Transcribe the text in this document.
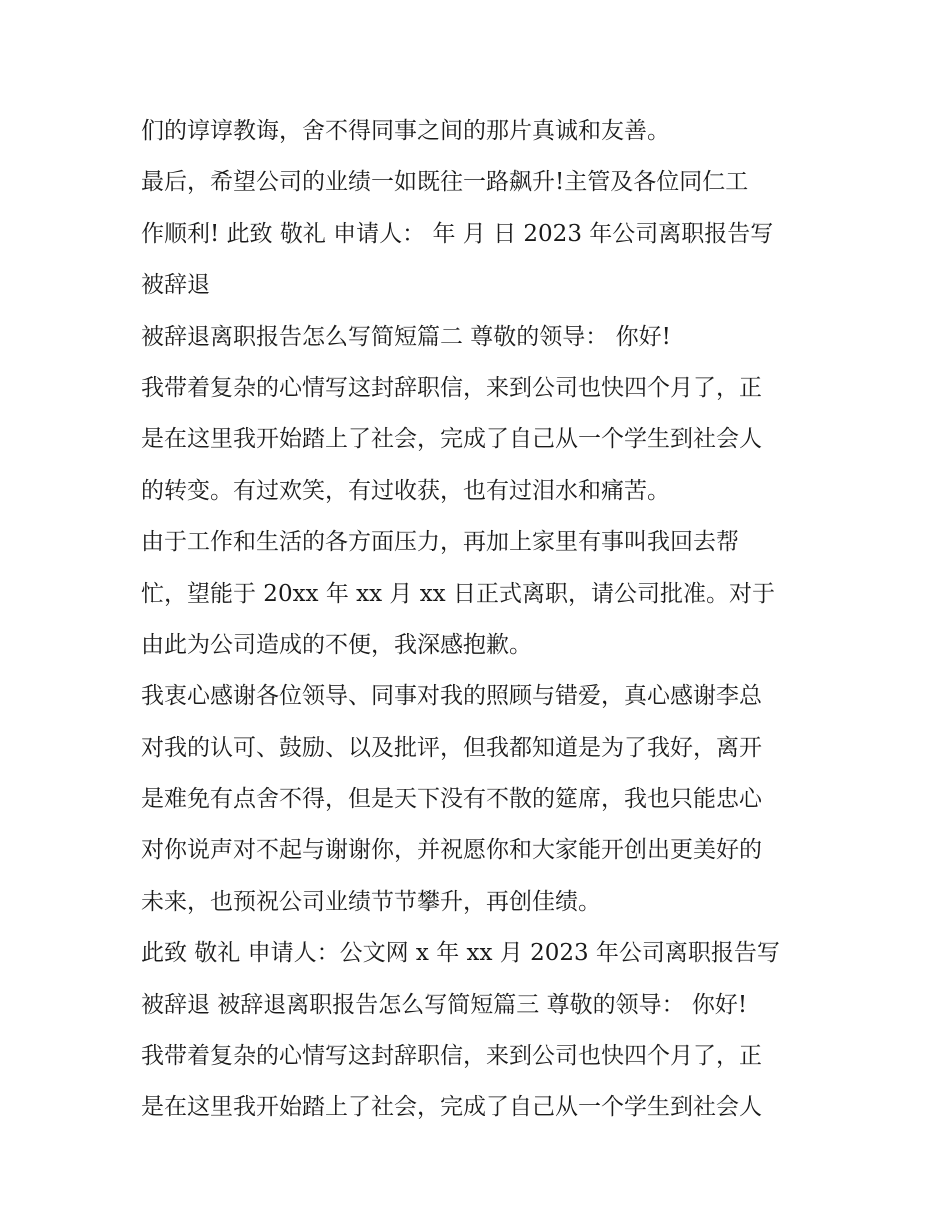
们的谆谆教诲，舍不得同事之间的那片真诚和友善。
最后，希望公司的业绩一如既往一路飙升!主管及各位同仁工
作顺利! 此致 敬礼 申请人： 年 月 日 2023 年公司离职报告写
被辞退
被辞退离职报告怎么写简短篇二 尊敬的领导： 你好!
我带着复杂的心情写这封辞职信，来到公司也快四个月了，正
是在这里我开始踏上了社会，完成了自己从一个学生到社会人
的转变。有过欢笑，有过收获，也有过泪水和痛苦。
由于工作和生活的各方面压力，再加上家里有事叫我回去帮
忙，望能于 20xx 年 xx 月 xx 日正式离职，请公司批准。对于
由此为公司造成的不便，我深感抱歉。
我衷心感谢各位领导、同事对我的照顾与错爱，真心感谢李总
对我的认可、鼓励、以及批评，但我都知道是为了我好，离开
是难免有点舍不得，但是天下没有不散的筵席，我也只能忠心
对你说声对不起与谢谢你，并祝愿你和大家能开创出更美好的
未来，也预祝公司业绩节节攀升，再创佳绩。
此致 敬礼 申请人：公文网 x 年 xx 月 2023 年公司离职报告写
被辞退 被辞退离职报告怎么写简短篇三 尊敬的领导： 你好!
我带着复杂的心情写这封辞职信，来到公司也快四个月了，正
是在这里我开始踏上了社会，完成了自己从一个学生到社会人
